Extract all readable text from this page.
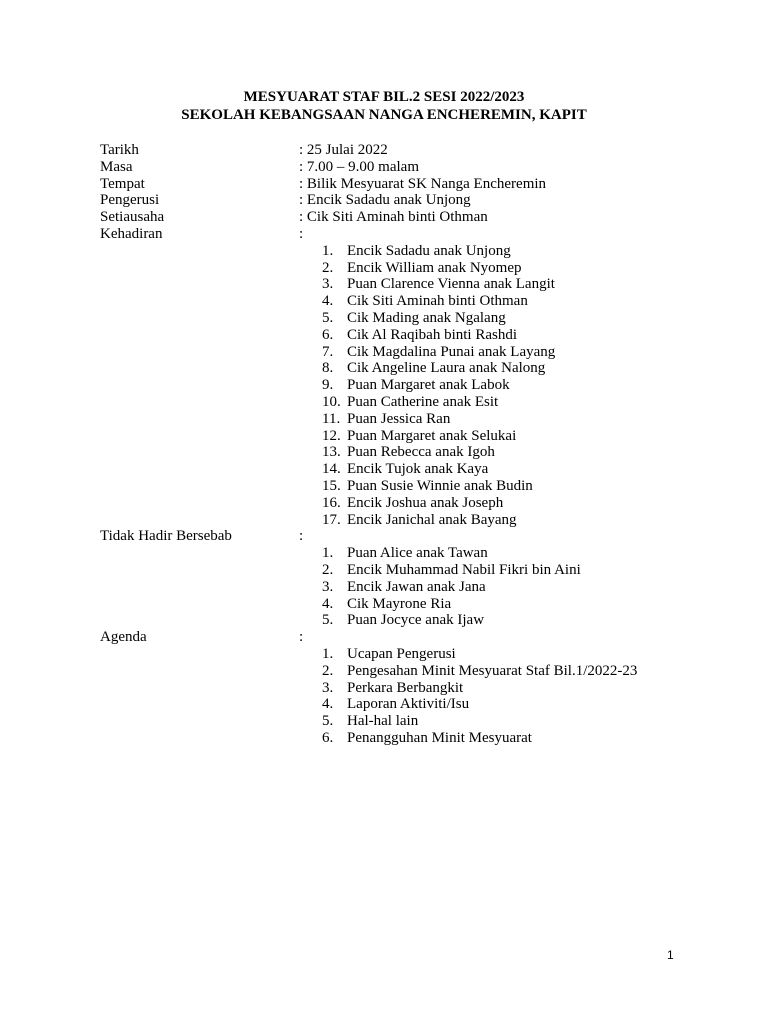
MESYUARAT STAF BIL.2 SESI 2022/2023
SEKOLAH KEBANGSAAN NANGA ENCHEREMIN, KAPIT
Tarikh	: 25 Julai 2022
Masa	: 7.00 – 9.00 malam
Tempat	: Bilik Mesyuarat SK Nanga Encheremin
Pengerusi	: Encik Sadadu anak Unjong
Setiausaha	: Cik Siti Aminah binti Othman
Kehadiran	:
1. Encik Sadadu anak Unjong
2. Encik William anak Nyomep
3. Puan Clarence Vienna anak Langit
4. Cik Siti Aminah binti Othman
5. Cik Mading anak Ngalang
6. Cik Al Raqibah binti Rashdi
7. Cik Magdalina Punai anak Layang
8. Cik Angeline Laura anak Nalong
9. Puan Margaret anak Labok
10. Puan Catherine anak Esit
11. Puan Jessica Ran
12. Puan Margaret anak Selukai
13. Puan Rebecca anak Igoh
14. Encik Tujok anak Kaya
15. Puan Susie Winnie anak Budin
16. Encik Joshua anak Joseph
17. Encik Janichal anak Bayang
Tidak Hadir Bersebab	:
1. Puan Alice anak Tawan
2. Encik Muhammad Nabil Fikri bin Aini
3. Encik Jawan anak Jana
4. Cik Mayrone Ria
5. Puan Jocyce anak Ijaw
Agenda	:
1. Ucapan Pengerusi
2. Pengesahan Minit Mesyuarat Staf Bil.1/2022-23
3. Perkara Berbangkit
4. Laporan Aktiviti/Isu
5. Hal-hal lain
6. Penangguhan Minit Mesyuarat
1
